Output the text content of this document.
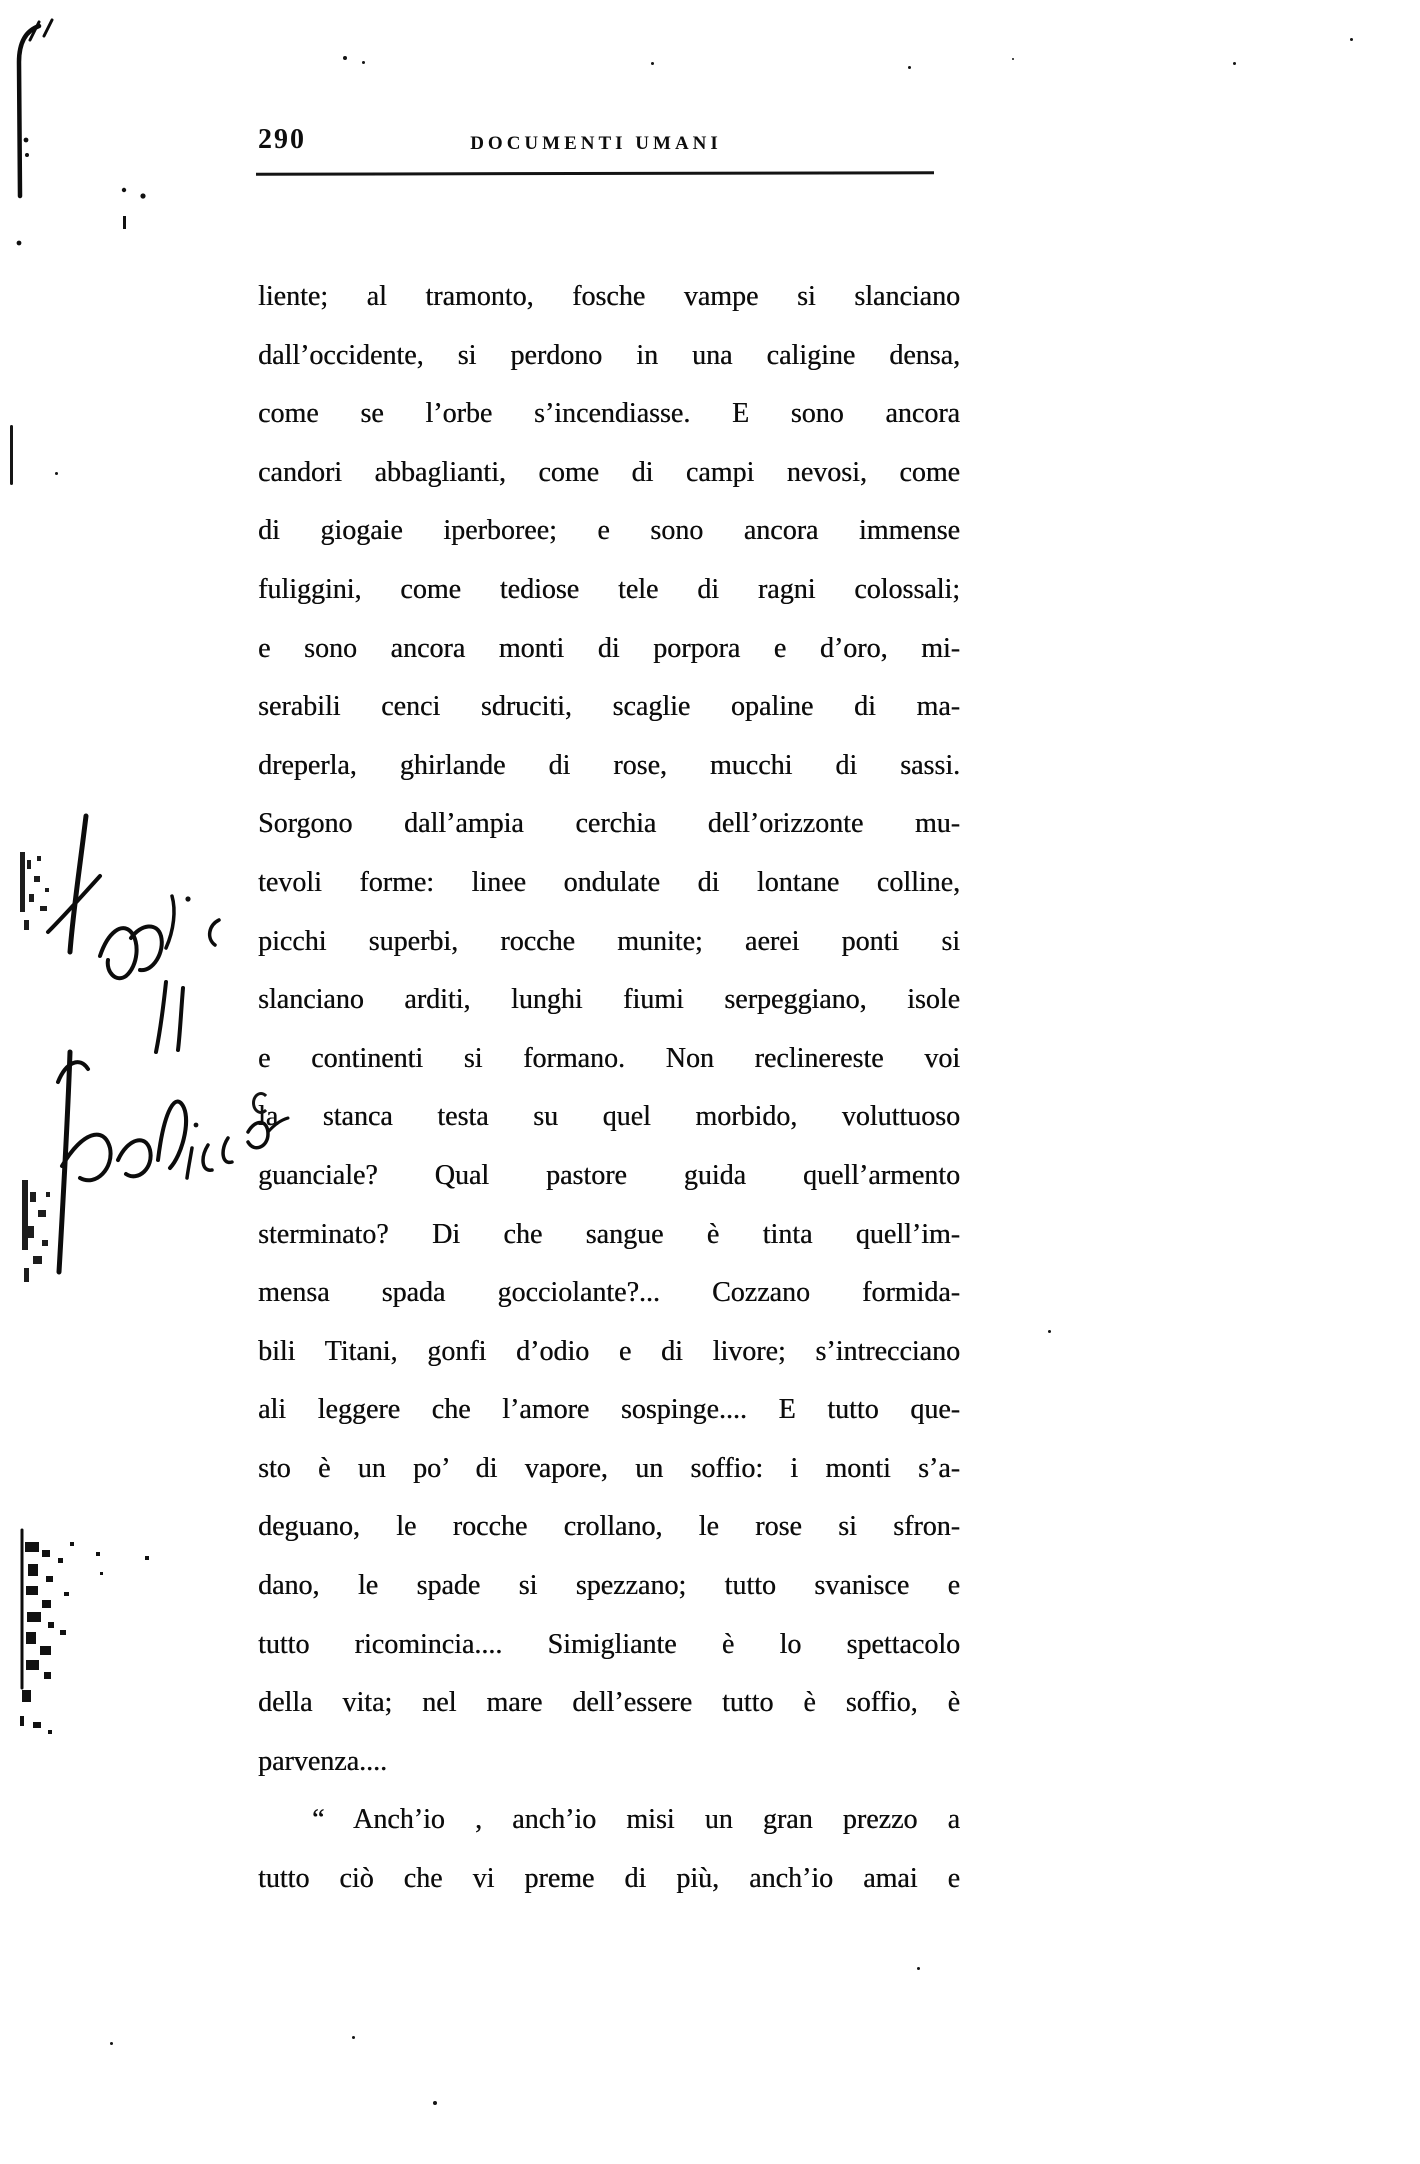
290	DOCUMENTI UMANI
liente; al tramonto, fosche vampe si slanciano
dall’occidente, si perdono in una caligine densa,
come se l’orbe s’incendiasse. E sono ancora
candori abbaglianti, come di campi nevosi, come
di giogaie iperboree; e sono ancora immense
fuliggini, come tediose tele di ragni colossali;
e sono ancora monti di porpora e d’oro, mi-
serabili cenci sdruciti, scaglie opaline di ma-
dreperla, ghirlande di rose, mucchi di sassi.
Sorgono dall’ampia cerchia dell’orizzonte mu-
tevoli forme: linee ondulate di lontane colline,
picchi superbi, rocche munite; aerei ponti si
slanciano arditi, lunghi fiumi serpeggiano, isole
e continenti si formano. Non reclinereste voi
la stanca testa su quel morbido, voluttuoso
guanciale? Qual pastore guida quell’armento
sterminato? Di che sangue è tinta quell’im-
mensa spada gocciolante?... Cozzano formida-
bili Titani, gonfi d’odio e di livore; s’intrecciano
ali leggere che l’amore sospinge.... E tutto que-
sto è un po’ di vapore, un soffio: i monti s’a-
deguano, le rocche crollano, le rose si sfron-
dano, le spade si spezzano; tutto svanisce e
tutto ricomincia.... Simigliante è lo spettacolo
della vita; nel mare dell’essere tutto è soffio, è
parvenza....
“ Anch’io , anch’io misi un gran prezzo a
tutto ciò che vi preme di più, anch’io amai e
